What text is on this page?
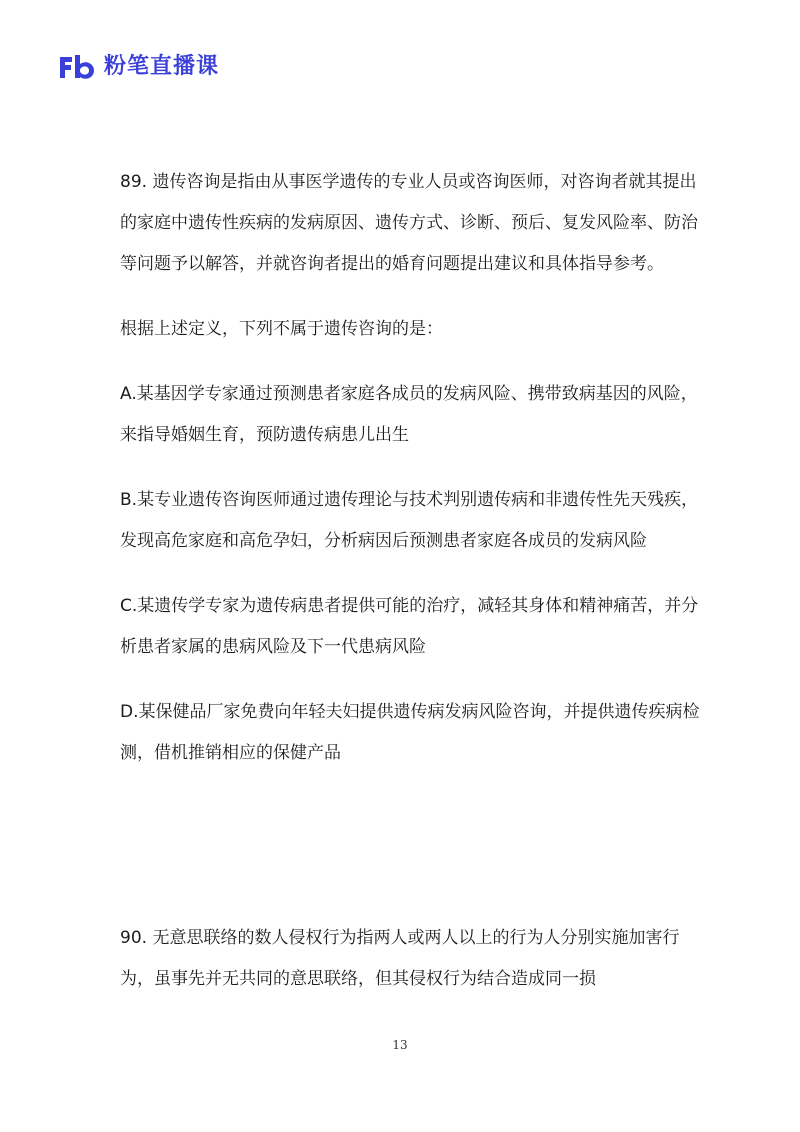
粉笔直播课

89. 遗传咨询是指由从事医学遗传的专业人员或咨询医师，对咨询者就其提出的家庭中遗传性疾病的发病原因、遗传方式、诊断、预后、复发风险率、防治等问题予以解答，并就咨询者提出的婚育问题提出建议和具体指导参考。

根据上述定义，下列不属于遗传咨询的是：

A.某基因学专家通过预测患者家庭各成员的发病风险、携带致病基因的风险，来指导婚姻生育，预防遗传病患儿出生

B.某专业遗传咨询医师通过遗传理论与技术判别遗传病和非遗传性先天残疾，发现高危家庭和高危孕妇，分析病因后预测患者家庭各成员的发病风险

C.某遗传学专家为遗传病患者提供可能的治疗，减轻其身体和精神痛苦，并分析患者家属的患病风险及下一代患病风险

D.某保健品厂家免费向年轻夫妇提供遗传病发病风险咨询，并提供遗传疾病检测，借机推销相应的保健产品

90. 无意思联络的数人侵权行为指两人或两人以上的行为人分别实施加害行为，虽事先并无共同的意思联络，但其侵权行为结合造成同一损

13
